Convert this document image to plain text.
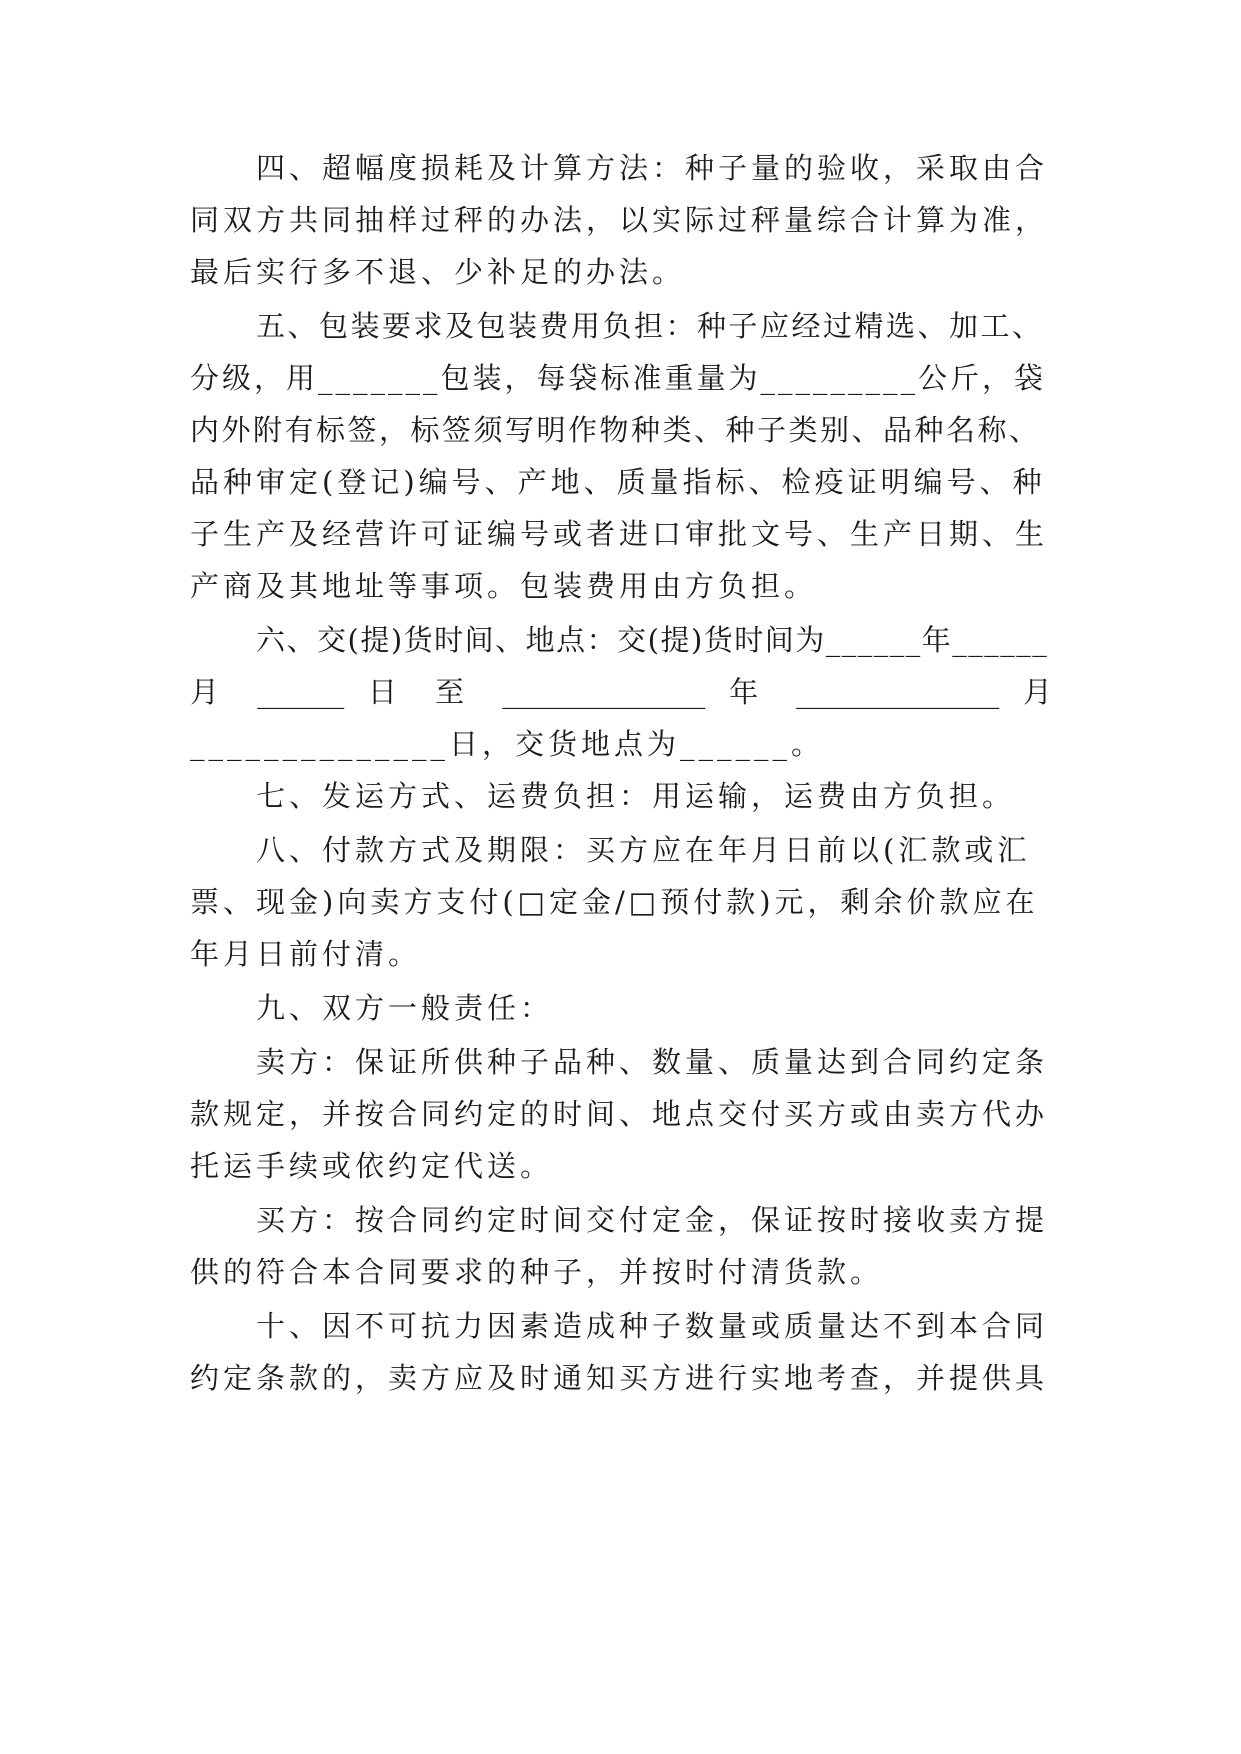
四、超幅度损耗及计算方法：种子量的验收，采取由合
同双方共同抽样过秤的办法，以实际过秤量综合计算为准，
最后实行多不退、少补足的办法。
五、包装要求及包装费用负担：种子应经过精选、加工、
分级，用_______包装，每袋标准重量为_________公斤，袋
内外附有标签，标签须写明作物种类、种子类别、品种名称、
品种审定(登记)编号、产地、质量指标、检疫证明编号、种
子生产及经营许可证编号或者进口审批文号、生产日期、生
产商及其地址等事项。包装费用由方负担。
六、交(提)货时间、地点：交(提)货时间为______年______
月 ______ 日 至 ______________ 年 ______________ 月
______________日，交货地点为______。
七、发运方式、运费负担：用运输，运费由方负担。
八、付款方式及期限：买方应在年月日前以(汇款或汇
票、现金)向卖方支付(□定金/□预付款)元，剩余价款应在
年月日前付清。
九、双方一般责任：
卖方：保证所供种子品种、数量、质量达到合同约定条
款规定，并按合同约定的时间、地点交付买方或由卖方代办
托运手续或依约定代送。
买方：按合同约定时间交付定金，保证按时接收卖方提
供的符合本合同要求的种子，并按时付清货款。
十、因不可抗力因素造成种子数量或质量达不到本合同
约定条款的，卖方应及时通知买方进行实地考查，并提供具
